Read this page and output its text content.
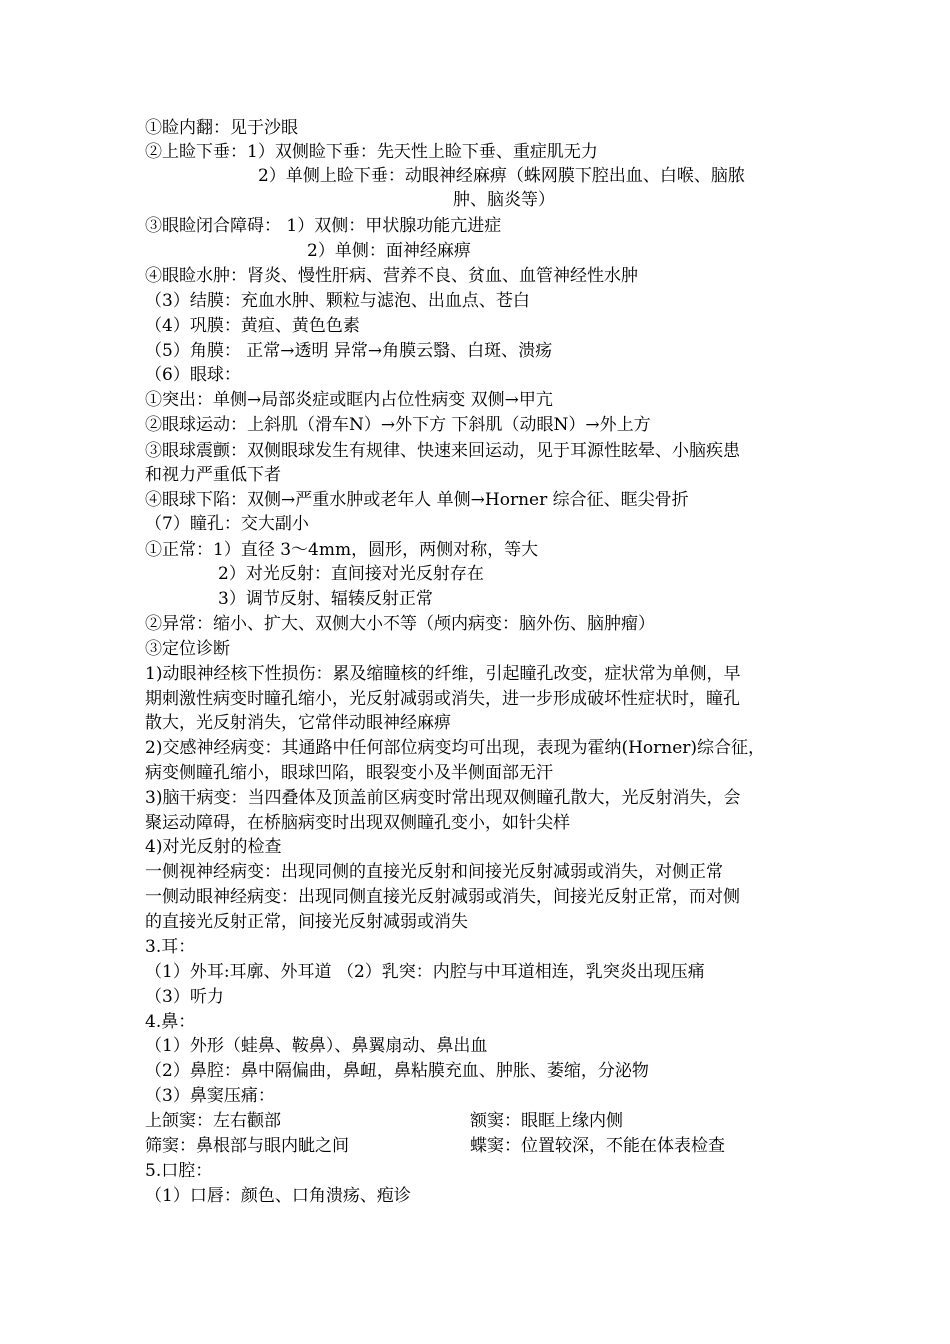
①睑内翻：见于沙眼
②上睑下垂：1）双侧睑下垂：先天性上睑下垂、重症肌无力
2）单侧上睑下垂：动眼神经麻痹（蛛网膜下腔出血、白喉、脑脓
肿、脑炎等）
③眼睑闭合障碍： 1）双侧：甲状腺功能亢进症
2）单侧：面神经麻痹
④眼睑水肿：肾炎、慢性肝病、营养不良、贫血、血管神经性水肿
（3）结膜：充血水肿、颗粒与滤泡、出血点、苍白
（4）巩膜：黄疸、黄色色素
（5）角膜： 正常→透明 异常→角膜云翳、白斑、溃疡
（6）眼球：
①突出：单侧→局部炎症或眶内占位性病变 双侧→甲亢
②眼球运动：上斜肌（滑车N）→外下方 下斜肌（动眼N）→外上方
③眼球震颤：双侧眼球发生有规律、快速来回运动，见于耳源性眩晕、小脑疾患
和视力严重低下者
④眼球下陷：双侧→严重水肿或老年人 单侧→Horner 综合征、眶尖骨折
（7）瞳孔：交大副小
①正常：1）直径 3～4mm，圆形，两侧对称，等大
2）对光反射：直间接对光反射存在
3）调节反射、辐辏反射正常
②异常：缩小、扩大、双侧大小不等（颅内病变：脑外伤、脑肿瘤）
③定位诊断
1)动眼神经核下性损伤：累及缩瞳核的纤维，引起瞳孔改变，症状常为单侧，早
期刺激性病变时瞳孔缩小，光反射减弱或消失，进一步形成破坏性症状时，瞳孔
散大，光反射消失，它常伴动眼神经麻痹
2)交感神经病变：其通路中任何部位病变均可出现，表现为霍纳(Horner)综合征，
病变侧瞳孔缩小，眼球凹陷，眼裂变小及半侧面部无汗
3)脑干病变：当四叠体及顶盖前区病变时常出现双侧瞳孔散大，光反射消失，会
聚运动障碍，在桥脑病变时出现双侧瞳孔变小，如针尖样
4)对光反射的检查
一侧视神经病变：出现同侧的直接光反射和间接光反射减弱或消失，对侧正常
一侧动眼神经病变：出现同侧直接光反射减弱或消失，间接光反射正常，而对侧
的直接光反射正常，间接光反射减弱或消失
3.耳：
（1）外耳:耳廓、外耳道 （2）乳突：内腔与中耳道相连，乳突炎出现压痛
（3）听力
4.鼻：
（1）外形（蛙鼻、鞍鼻）、鼻翼扇动、鼻出血
（2）鼻腔：鼻中隔偏曲，鼻衄，鼻粘膜充血、肿胀、萎缩，分泌物
（3）鼻窦压痛：
上颌窦：左右颧部	额窦：眼眶上缘内侧
筛窦：鼻根部与眼内眦之间	蝶窦：位置较深，不能在体表检查
5.口腔：
（1）口唇：颜色、口角溃疡、疱诊
